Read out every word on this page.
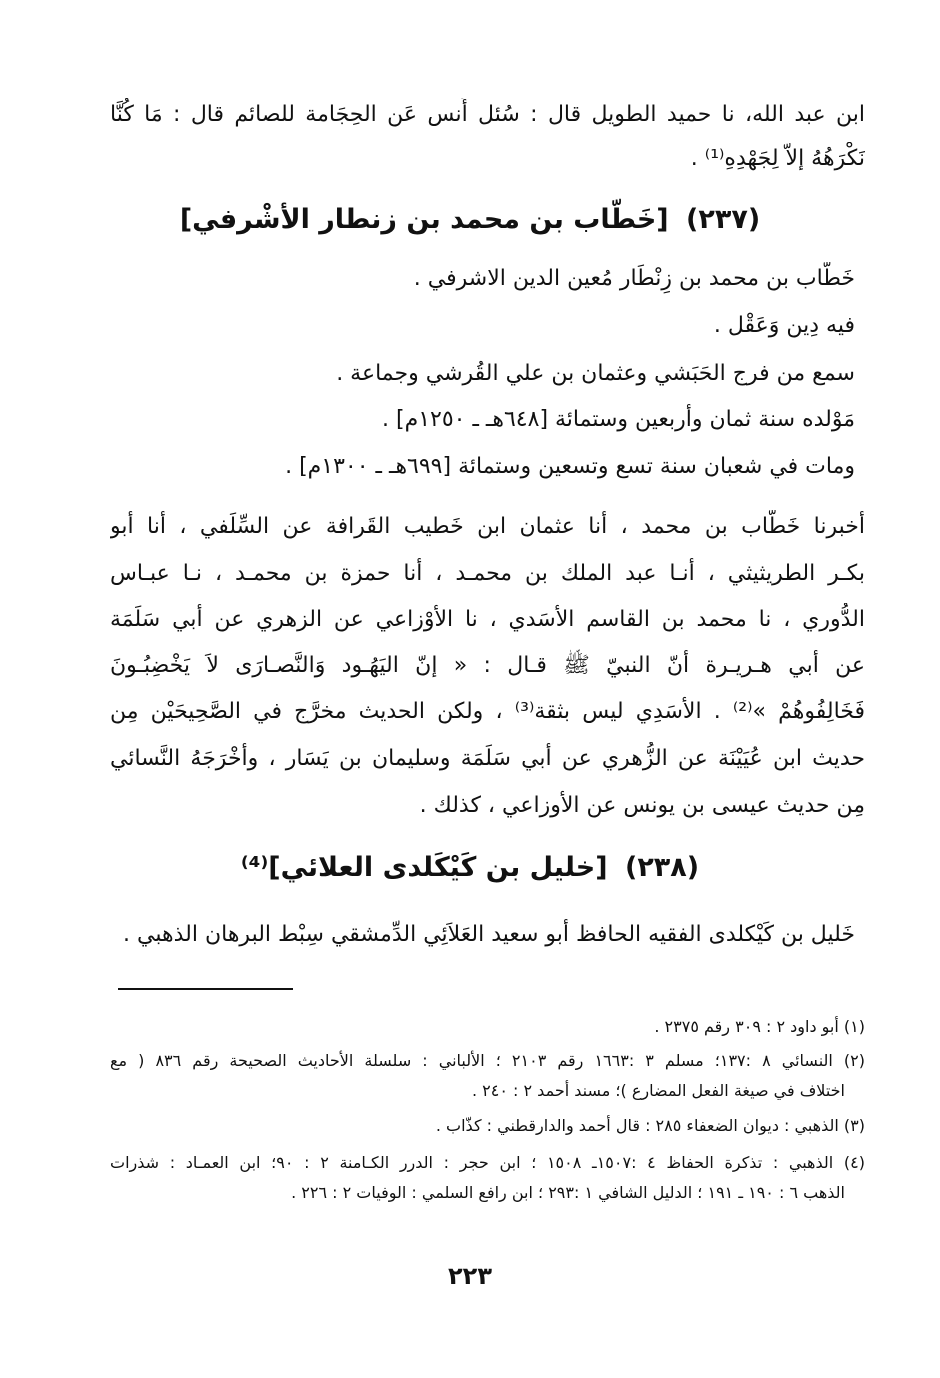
ابن عبد الله، نا حميد الطويل قال : سُئل أَنس عَن الحِجَامة للصائم قال : مَا كُنَّا
نَكْرَهُهُ إلاّ لِجَهْدِهِ⁽¹⁾ .
(٢٣٧) [خَطّاب بن محمد بن زنطار الأشْرفي]
خَطّاب بن محمد بن زِنْطَار مُعين الدين الاشرفي .
فيه دِين وَعَقْل .
سمع من فرج الحَبَشي وعثمان بن علي القُرشي وجماعة .
مَوْلده سنة ثمان وأربعين وستمائة [٦٤٨هـ ـ ١٢٥٠م] .
ومات في شعبان سنة تسع وتسعين وستمائة [٦٩٩هـ ـ ١٣٠٠م] .
أخبرنا خَطّاب بن محمد ، أنا عثمان ابن خَطيب القَرافة عن السِّلَفي ، أنا أبو
بكـر الطريثيثي ، أنـا عبد الملك بن محمـد ، أنا حمزة بن محمـد ، نـا عبـاس
الدُّوري ، نا محمد بن القاسم الأسَدي ، نا الأوْزاعي عن الزهري عن أبي سَلَمَة
عن أبي هـريـرة أنّ النبيّ ﷺ قـال : « إنّ اليَهُـود وَالنَّصـارَى لاَ يَخْضِبُـونَ
فَخَالِفُوهُمْ »⁽²⁾ . الأسَدِي ليس بثقة⁽³⁾ ، ولكن الحديث مخرَّج في الصَّحِيحَيْن مِن
حديث ابن عُيَيْنَة عن الزُّهري عن أبي سَلَمَة وسليمان بن يَسَار ، وأخْرَجَهُ النَّسائي
مِن حديث عيسى بن يونس عن الأوزاعي ، كذلك .
(٢٣٨) [خليل بن كَيْكَلدى العلائي]⁽⁴⁾
خَليل بن كَيْكلدى الفقيه الحافظ أبو سعيد العَلاَئِي الدِّمشقي سِبْط البرهان الذهبي .
(١) أبو داود ٢ : ٣٠٩ رقم ٢٣٧٥ .
(٢) النسائي ٨ :١٣٧؛ مسلم ٣ :١٦٦٣ رقم ٢١٠٣ ؛ الألباني : سلسلة الأحاديث الصحيحة رقم ٨٣٦ ( مع
اختلاف في صيغة الفعل المضارع )؛ مسند أحمد ٢ : ٢٤٠ .
(٣) الذهبي : ديوان الضعفاء ٢٨٥ : قال أحمد والدارقطني : كذّاب .
(٤) الذهبي : تذكرة الحفاظ ٤ :١٥٠٧ـ ١٥٠٨ ؛ ابن حجر : الدرر الكـامنة ٢ : ٩٠؛ ابن العمـاد : شذرات
الذهب ٦ : ١٩٠ ـ ١٩١ ؛ الدليل الشافي ١ :٢٩٣ ؛ ابن رافع السلمي : الوفيات ٢ : ٢٢٦ .
٢٢٣
